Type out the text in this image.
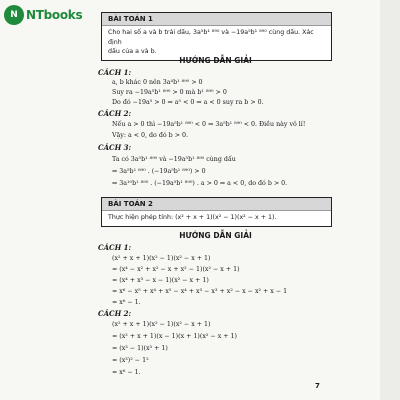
N NTbooks	BÀI TOÁN 1
Cho hai số a và b trái dấu, 3a⁵b¹ ⁸⁹⁰ và −19a⁵b¹ ⁸⁹⁰ cùng dấu. Xác định
dấu của a và b.
HƯỚNG DẪN GIẢI
CÁCH 1:
a, b khác 0 nên 3a⁴b¹ ⁸⁹⁰ > 0
Suy ra −19a⁵b¹ ⁸⁹⁰ > 0 mà b¹ ⁸⁹⁰ > 0
Do đó −19a⁵ > 0 ⇒ a⁵ < 0 ⇒ a < 0 suy ra b > 0.
CÁCH 2:
Nếu a > 0 thì −19a⁵b¹ ⁸⁹⁰ < 0 ⇒ 3a⁵b¹ ⁸⁹⁰ < 0. Điều này vô lí!
Vậy: a < 0, do đó b > 0.
CÁCH 3:
Ta có 3a⁵b¹ ⁸⁹⁰ và −19a⁵b¹ ⁸⁹⁰ cùng dấu
⇒ 3a⁵b¹ ⁸⁹⁰ . (−19a⁵b¹ ⁸⁹⁰) > 0
⇒ 3a¹⁰b¹ ⁸⁹⁰ . (−19a⁵b¹ ⁸⁹⁰) . a > 0 ⇒ a < 0, do đó b > 0.
BÀI TOÁN 2
Thực hiện phép tính: (x² + x + 1)(x² − 1)(x² − x + 1).
HƯỚNG DẪN GIẢI
CÁCH 1:
(x² + x + 1)(x² − 1)(x² − x + 1)
= (x⁴ − x² + x² − x + x² − 1)(x² − x + 1)
= (x⁴ + x³ − x − 1)(x² − x + 1)
= x⁶ − x⁵ + x⁴ + x⁵ − x⁴ + x³ − x³ + x² − x − x² + x − 1
= x⁶ − 1.
CÁCH 2:
(x² + x + 1)(x² − 1)(x² − x + 1)
= (x² + x + 1)(x − 1)(x + 1)(x² − x + 1)
= (x³ − 1)(x³ + 1)
= (x³)² − 1²
= x⁶ − 1.
7
